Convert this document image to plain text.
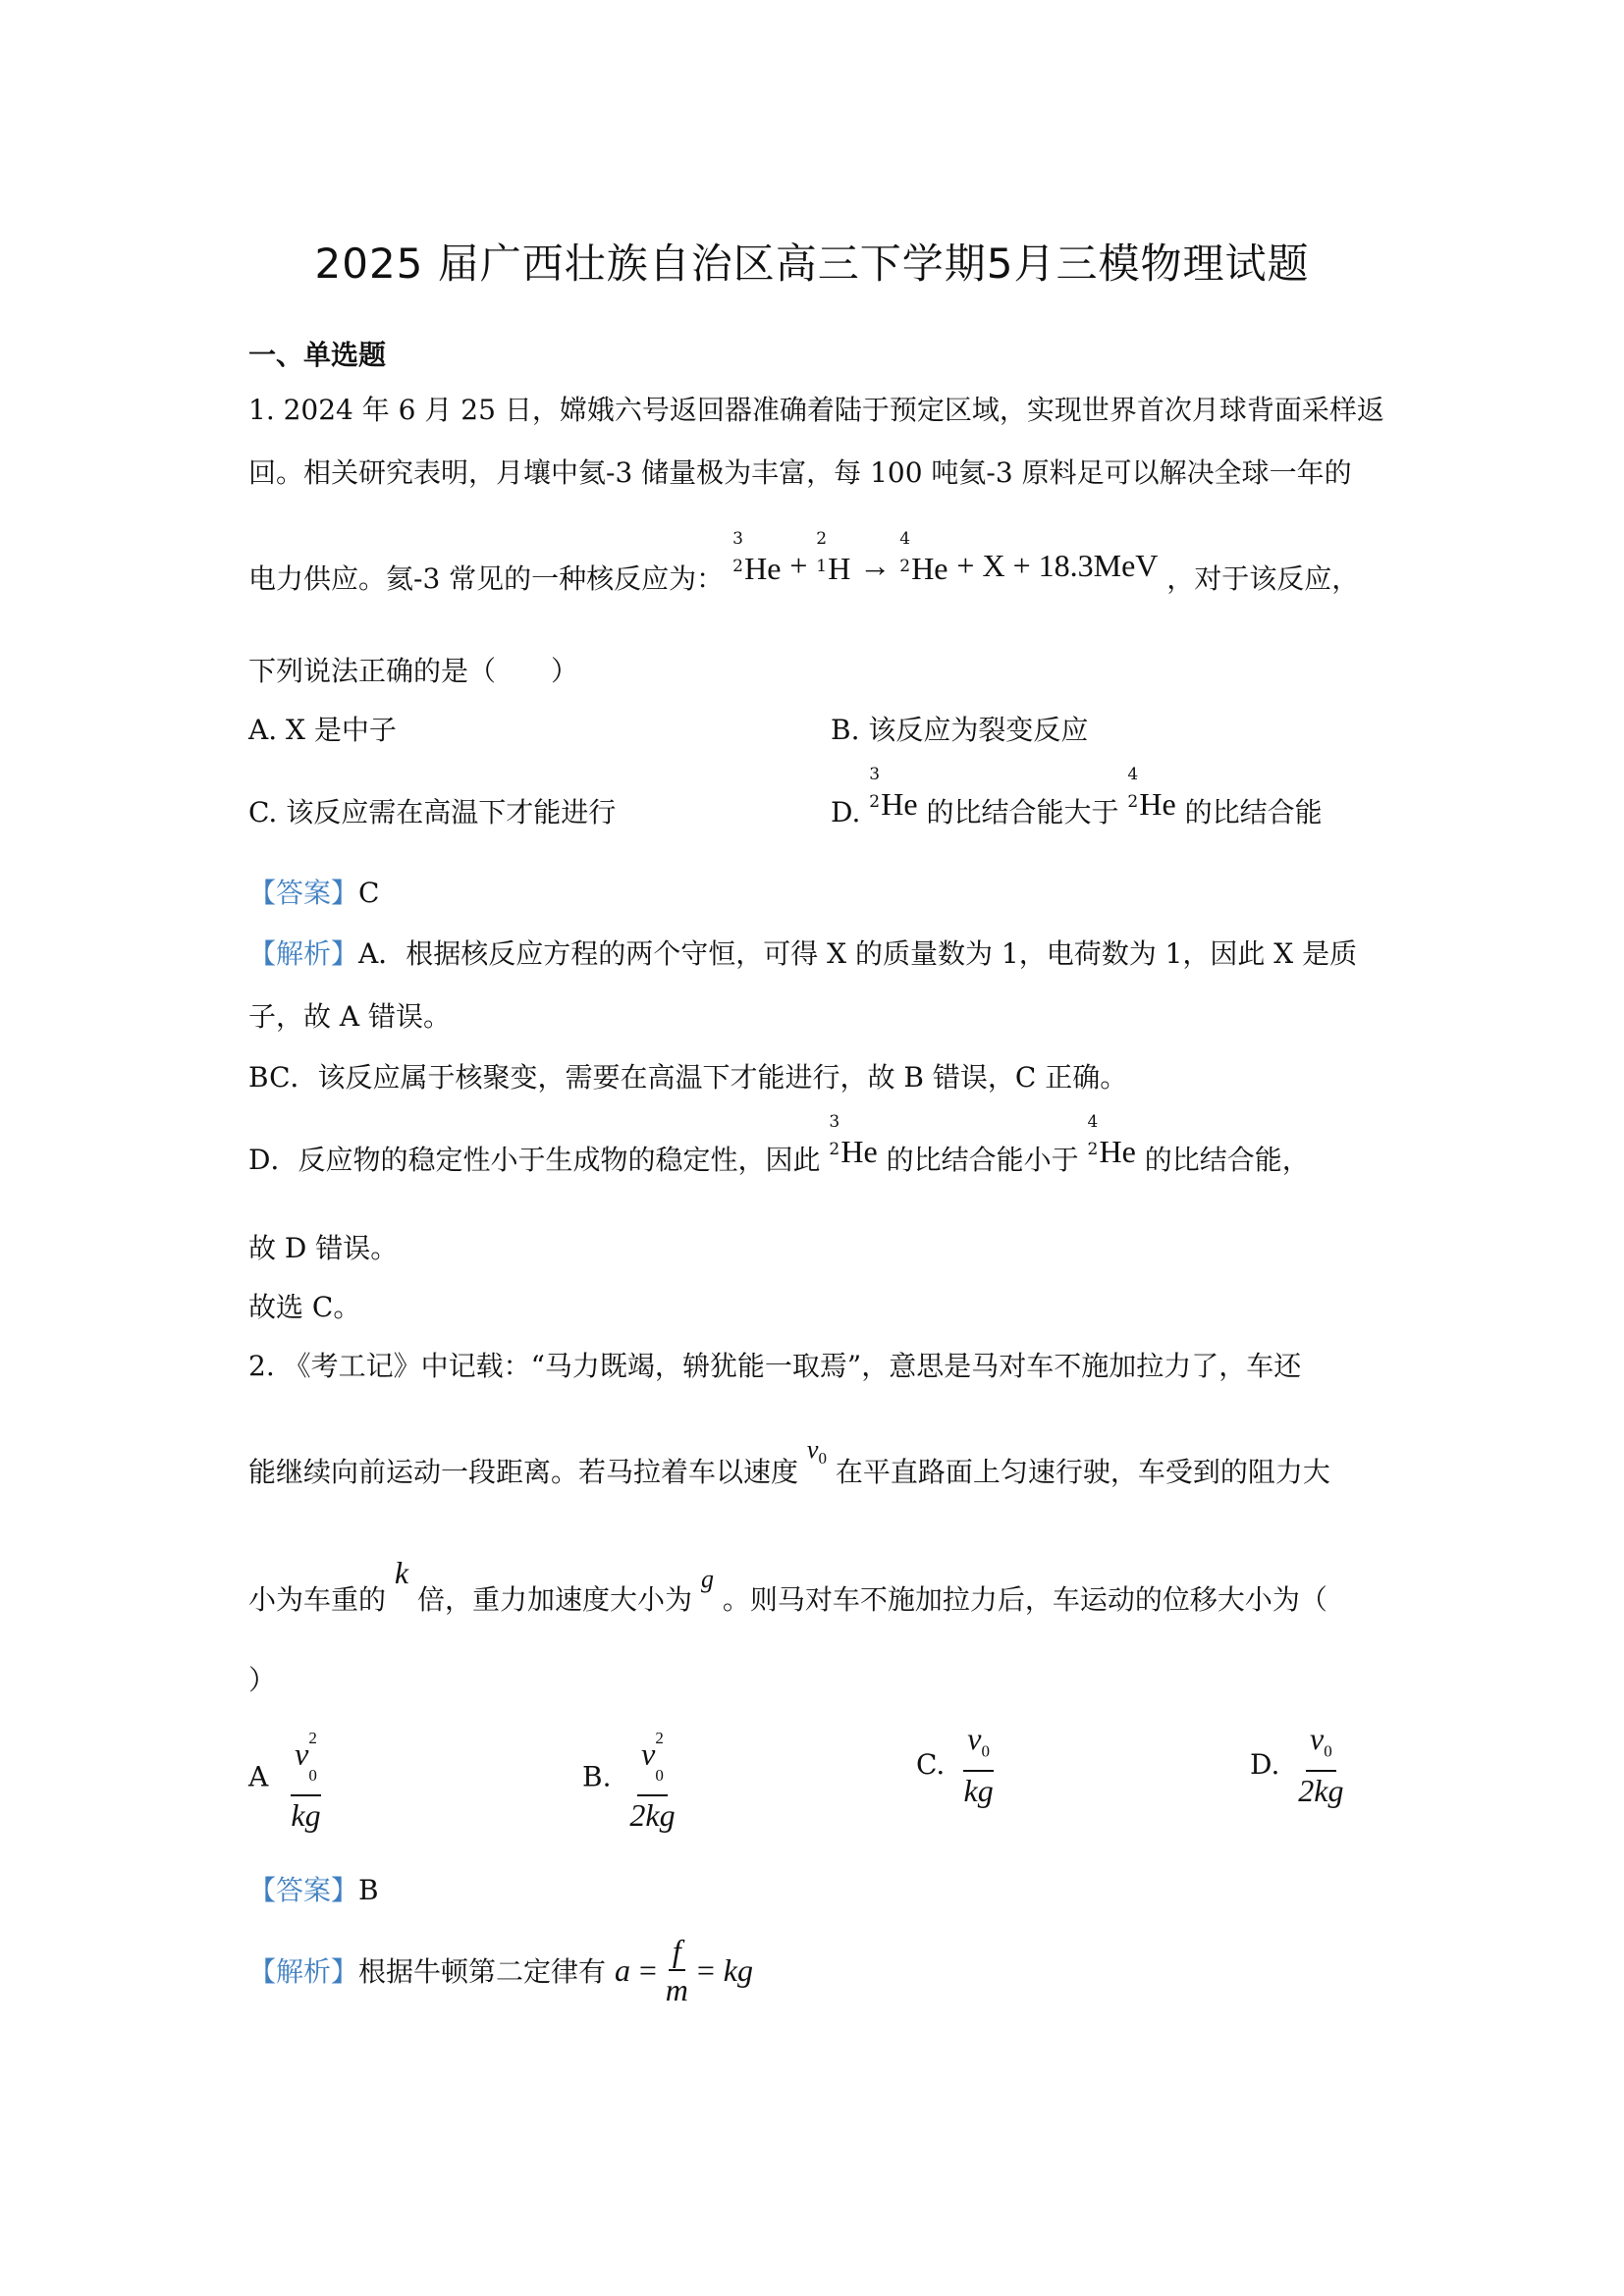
2025 届广西壮族自治区高三下学期5月三模物理试题
一、单选题
1. 2024 年 6 月 25 日，嫦娥六号返回器准确着陆于预定区域，实现世界首次月球背面采样返
回。相关研究表明，月壤中氦-3 储量极为丰富，每 100 吨氦-3 原料足可以解决全球一年的
电力供应。氦-3 常见的一种核反应为：
3
2 He +
2
1 H →
4
2 He + X + 18.3MeV ，对于该反应，
下列说法正确的是（　　）
A. X 是中子	B. 该反应为裂变反应
C. 该反应需在高温下才能进行	D.
3
2 He 的比结合能大于
4
2 He 的比结合能
【答案】C
【解析】A．根据核反应方程的两个守恒，可得 X 的质量数为 1，电荷数为 1，因此 X 是质
子，故 A 错误。
BC．该反应属于核聚变，需要在高温下才能进行，故 B 错误，C 正确。
D．反应物的稳定性小于生成物的稳定性，因此
3
2 He 的比结合能小于
4
2 He 的比结合能，
故 D 错误。
故选 C。
2. 《考工记》中记载：“马力既竭，辀犹能一取焉”，意思是马对车不施加拉力了，车还
能继续向前运动一段距离。若马拉着车以速度 $v_0$ 在平直路面上匀速行驶，车受到的阻力大
小为车重的 k 倍，重力加速度大小为 g 。则马对车不施加拉力后，车运动的位移大小为（
）
A v 2
0
kg	B. v 2
0
2kg	C. $\frac{v_0}{kg}$	D. $\frac{v_0}{2kg}$
【答案】B
【解析】根据牛顿第二定律有 $a = \frac{f}{m}$ = kg
